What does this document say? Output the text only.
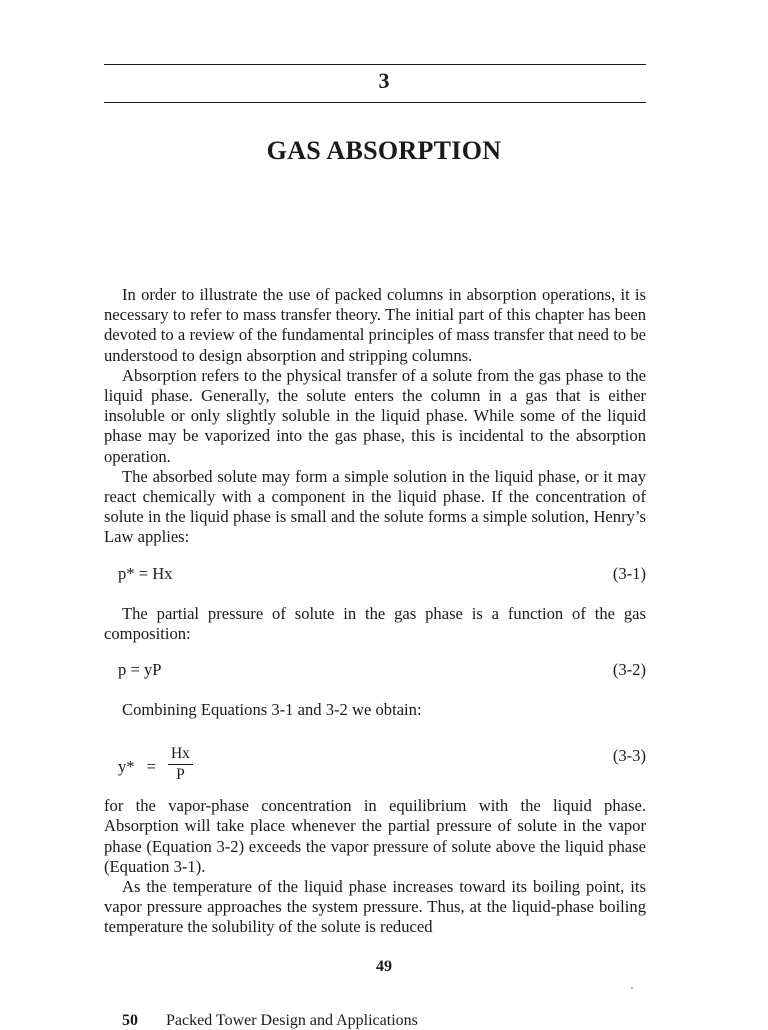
3
GAS ABSORPTION

In order to illustrate the use of packed columns in absorption operations, it is necessary to refer to mass transfer theory. The initial part of this chapter has been devoted to a review of the fundamental principles of mass transfer that need to be understood to design absorption and stripping columns.

Absorption refers to the physical transfer of a solute from the gas phase to the liquid phase. Generally, the solute enters the column in a gas that is either insoluble or only slightly soluble in the liquid phase. While some of the liquid phase may be vaporized into the gas phase, this is incidental to the absorption operation.

The absorbed solute may form a simple solution in the liquid phase, or it may react chemically with a component in the liquid phase. If the concentration of solute in the liquid phase is small and the solute forms a simple solution, Henry’s Law applies:

p* = Hx	(3-1)

The partial pressure of solute in the gas phase is a function of the gas composition:

p = yP	(3-2)

Combining Equations 3-1 and 3-2 we obtain:

$y* = \frac{Hx}{P}$	(3-3)

for the vapor-phase concentration in equilibrium with the liquid phase. Absorption will take place whenever the partial pressure of solute in the vapor phase (Equation 3-2) exceeds the vapor pressure of solute above the liquid phase (Equation 3-1).

As the temperature of the liquid phase increases toward its boiling point, its vapor pressure approaches the system pressure. Thus, at the liquid-phase boiling temperature the solubility of the solute is reduced

49
50 Packed Tower Design and Applications
